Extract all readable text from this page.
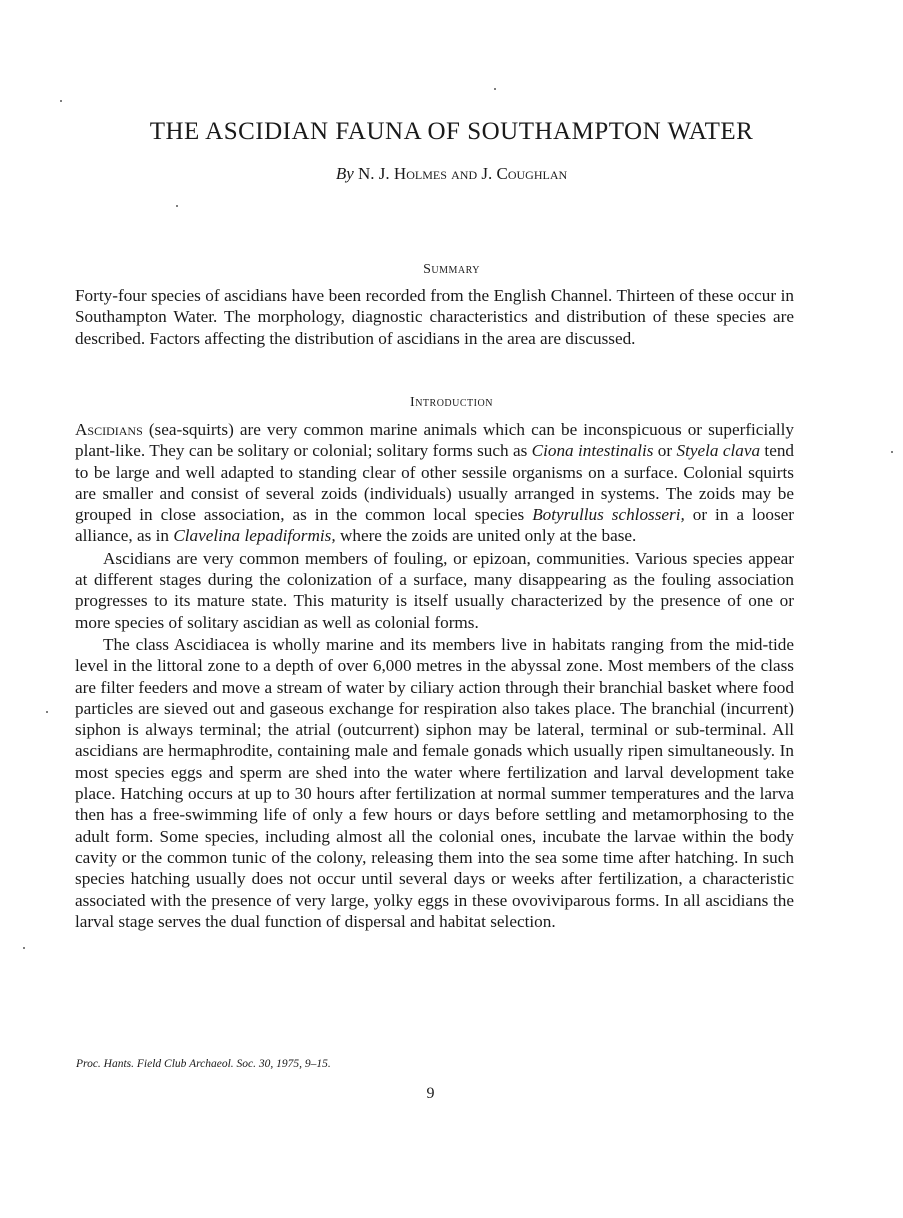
THE ASCIDIAN FAUNA OF SOUTHAMPTON WATER
By N. J. Holmes and J. Coughlan
Summary

Forty-four species of ascidians have been recorded from the English Channel. Thirteen of these occur in Southampton Water. The morphology, diagnostic characteristics and distribution of these species are described. Factors affecting the distribution of ascidians in the area are discussed.

Introduction

Ascidians (sea-squirts) are very common marine animals which can be inconspicuous or superficially plant-like. They can be solitary or colonial; solitary forms such as Ciona intestinalis or Styela clava tend to be large and well adapted to standing clear of other sessile organisms on a surface. Colonial squirts are smaller and consist of several zoids (individuals) usually arranged in systems. The zoids may be grouped in close association, as in the common local species Botyrullus schlosseri, or in a looser alliance, as in Clavelina lepadiformis, where the zoids are united only at the base.

Ascidians are very common members of fouling, or epizoan, communities. Various species appear at different stages during the colonization of a surface, many disappearing as the fouling association progresses to its mature state. This maturity is itself usually characterized by the presence of one or more species of solitary ascidian as well as colonial forms.

The class Ascidiacea is wholly marine and its members live in habitats ranging from the mid-tide level in the littoral zone to a depth of over 6,000 metres in the abyssal zone. Most members of the class are filter feeders and move a stream of water by ciliary action through their branchial basket where food particles are sieved out and gaseous exchange for respiration also takes place. The branchial (incurrent) siphon is always terminal; the atrial (outcurrent) siphon may be lateral, terminal or sub-terminal. All ascidians are hermaphrodite, containing male and female gonads which usually ripen simultaneously. In most species eggs and sperm are shed into the water where fertilization and larval development take place. Hatching occurs at up to 30 hours after fertilization at normal summer temperatures and the larva then has a free-swimming life of only a few hours or days before settling and metamorphosing to the adult form. Some species, including almost all the colonial ones, incubate the larvae within the body cavity or the common tunic of the colony, releasing them into the sea some time after hatching. In such species hatching usually does not occur until several days or weeks after fertilization, a characteristic associated with the presence of very large, yolky eggs in these ovoviviparous forms. In all ascidians the larval stage serves the dual function of dispersal and habitat selection.

Proc. Hants. Field Club Archaeol. Soc. 30, 1975, 9–15.
9
